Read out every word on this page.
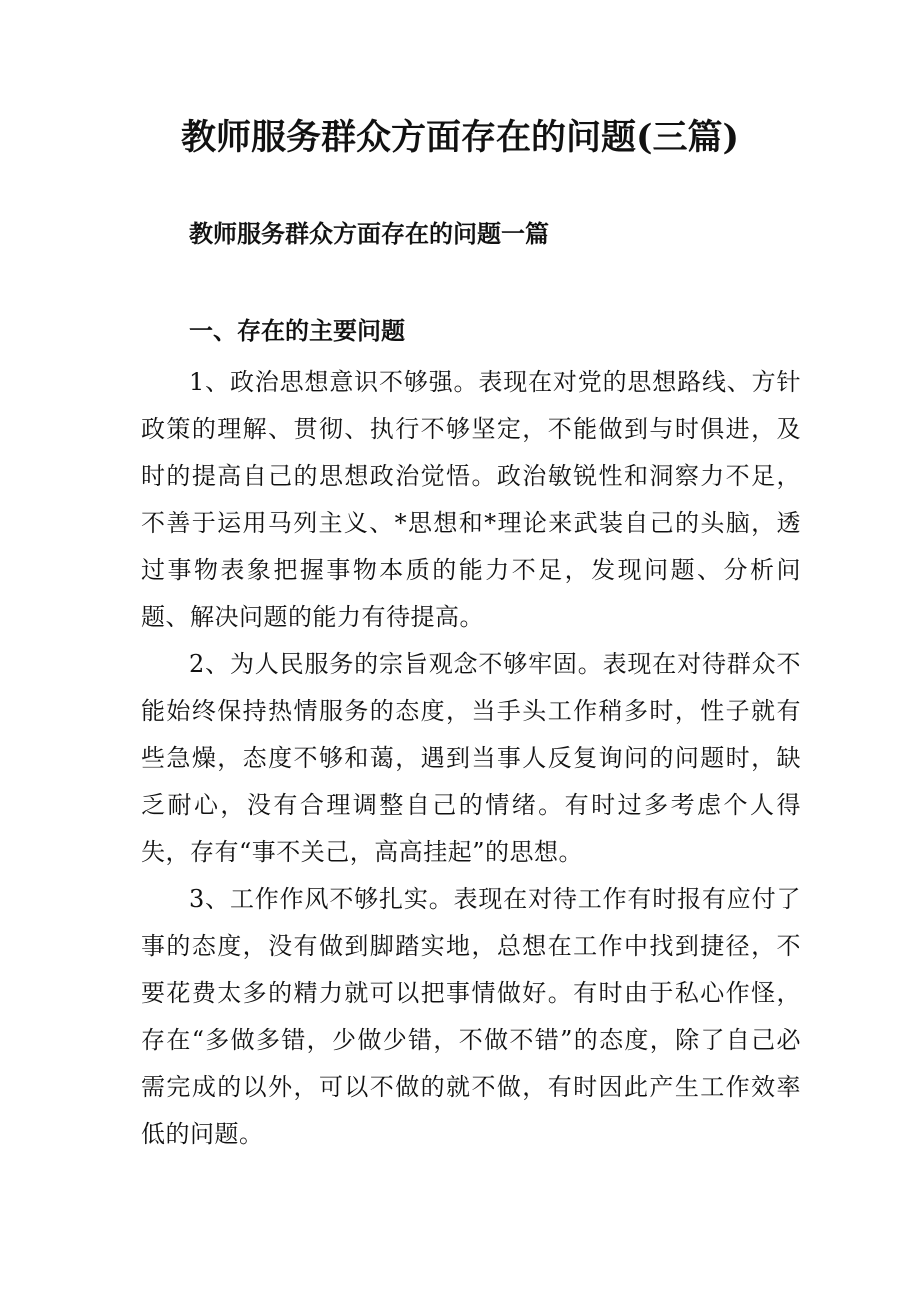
教师服务群众方面存在的问题(三篇)
教师服务群众方面存在的问题一篇
一、存在的主要问题

1、政治思想意识不够强。表现在对党的思想路线、方针政策的理解、贯彻、执行不够坚定，不能做到与时俱进，及时的提高自己的思想政治觉悟。政治敏锐性和洞察力不足，不善于运用马列主义、*思想和*理论来武装自己的头脑，透过事物表象把握事物本质的能力不足，发现问题、分析问题、解决问题的能力有待提高。

2、为人民服务的宗旨观念不够牢固。表现在对待群众不能始终保持热情服务的态度，当手头工作稍多时，性子就有些急燥，态度不够和蔼，遇到当事人反复询问的问题时，缺乏耐心，没有合理调整自己的情绪。有时过多考虑个人得失，存有“事不关己，高高挂起”的思想。

3、工作作风不够扎实。表现在对待工作有时报有应付了事的态度，没有做到脚踏实地，总想在工作中找到捷径，不要花费太多的精力就可以把事情做好。有时由于私心作怪，存在“多做多错，少做少错，不做不错”的态度，除了自己必需完成的以外，可以不做的就不做，有时因此产生工作效率低的问题。
